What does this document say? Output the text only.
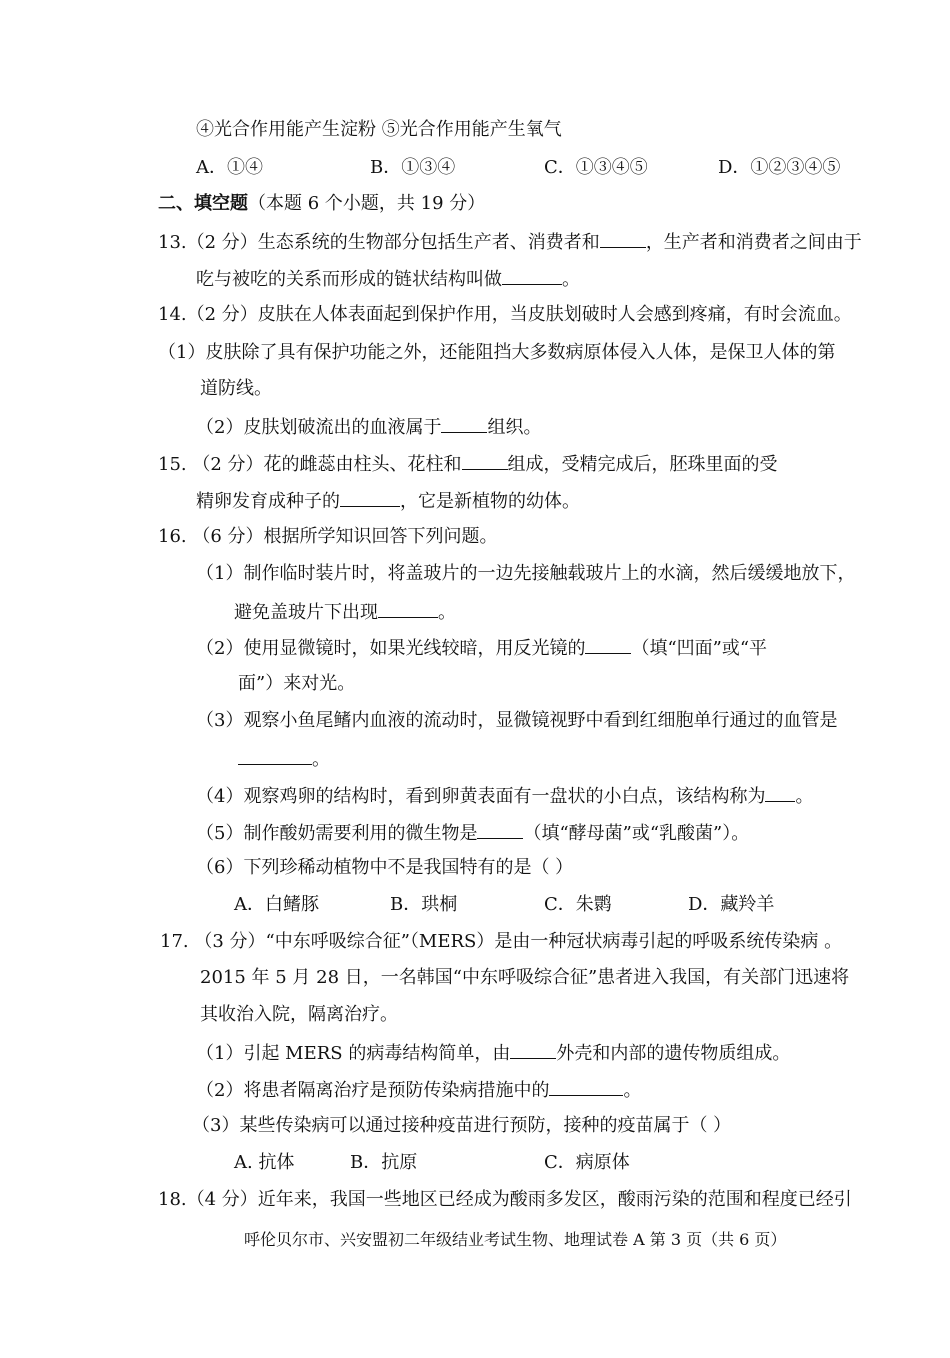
④光合作用能产生淀粉 ⑤光合作用能产生氧气
A．①④	B．①③④	C．①③④⑤	D．①②③④⑤
二、填空题（本题 6 个小题，共 19 分）
13.（2 分）生态系统的生物部分包括生产者、消费者和	，生产者和消费者之间由于
吃与被吃的关系而形成的链状结构叫做	。
14.（2 分）皮肤在人体表面起到保护作用，当皮肤划破时人会感到疼痛，有时会流血。
（1）皮肤除了具有保护功能之外，还能阻挡大多数病原体侵入人体，是保卫人体的第
道防线。
（2）皮肤划破流出的血液属于	组织。
15. （2 分）花的雌蕊由柱头、花柱和	组成，受精完成后，胚珠里面的受
精卵发育成种子的	，它是新植物的幼体。
16. （6 分）根据所学知识回答下列问题。
（1）制作临时装片时，将盖玻片的一边先接触载玻片上的水滴，然后缓缓地放下，
避免盖玻片下出现	。
（2）使用显微镜时，如果光线较暗，用反光镜的	（填“凹面”或“平
面”）来对光。
（3）观察小鱼尾鳍内血液的流动时，显微镜视野中看到红细胞单行通过的血管是
。
（4）观察鸡卵的结构时，看到卵黄表面有一盘状的小白点，该结构称为 。
（5）制作酸奶需要利用的微生物是	（填“酵母菌”或“乳酸菌”）。
（6）下列珍稀动植物中不是我国特有的是（ ）
A．白鳍豚	B．珙桐	C．朱鹮	D．藏羚羊
17. （3 分）“中东呼吸综合征”（MERS）是由一种冠状病毒引起的呼吸系统传染病 。
2015 年 5 月 28 日，一名韩国“中东呼吸综合征”患者进入我国，有关部门迅速将
其收治入院，隔离治疗。
（1）引起 MERS 的病毒结构简单，由	外壳和内部的遗传物质组成。
（2）将患者隔离治疗是预防传染病措施中的	。
（3）某些传染病可以通过接种疫苗进行预防，接种的疫苗属于（ ）
A. 抗体	B．抗原	C．病原体
18.（4 分）近年来，我国一些地区已经成为酸雨多发区，酸雨污染的范围和程度已经引
呼伦贝尔市、兴安盟初二年级结业考试生物、地理试卷 A 第 3 页（共 6 页）
